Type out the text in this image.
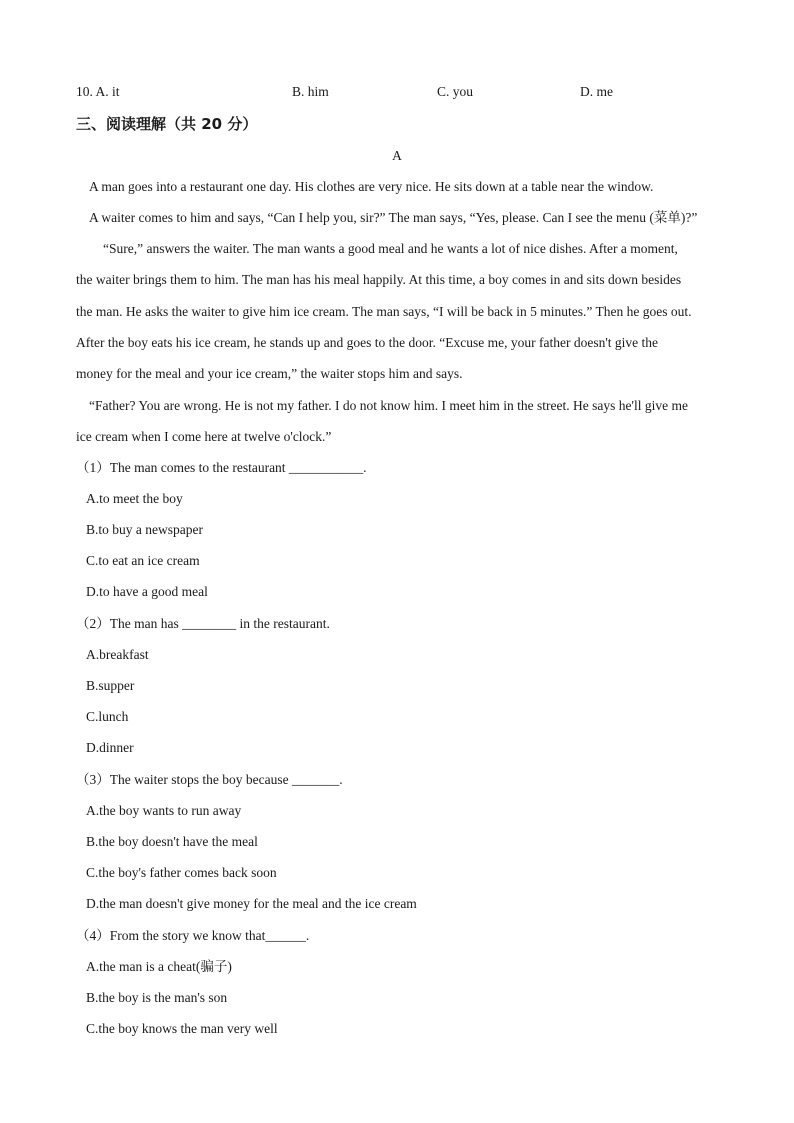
10. A. it	B. him	C. you	D. me
三、阅读理解（共 20 分）
A
A man goes into a restaurant one day. His clothes are very nice. He sits down at a table near the window.
A waiter comes to him and says, “Can I help you, sir?” The man says, “Yes, please. Can I see the menu (菜单)?”
“Sure,” answers the waiter. The man wants a good meal and he wants a lot of nice dishes. After a moment,
the waiter brings them to him. The man has his meal happily. At this time, a boy comes in and sits down besides
the man. He asks the waiter to give him ice cream. The man says, “I will be back in 5 minutes.” Then he goes out.
After the boy eats his ice cream, he stands up and goes to the door. “Excuse me, your father doesn't give the
money for the meal and your ice cream,” the waiter stops him and says.
“Father? You are wrong. He is not my father. I do not know him. I meet him in the street. He says he'll give me
ice cream when I come here at twelve o'clock.”
（1）The man comes to the restaurant ___________.
A.to meet the boy
B.to buy a newspaper
C.to eat an ice cream
D.to have a good meal
（2）The man has ________ in the restaurant.
A.breakfast
B.supper
C.lunch
D.dinner
（3）The waiter stops the boy because _______.
A.the boy wants to run away
B.the boy doesn't have the meal
C.the boy's father comes back soon
D.the man doesn't give money for the meal and the ice cream
（4）From the story we know that______.
A.the man is a cheat(骗子)
B.the boy is the man's son
C.the boy knows the man very well
